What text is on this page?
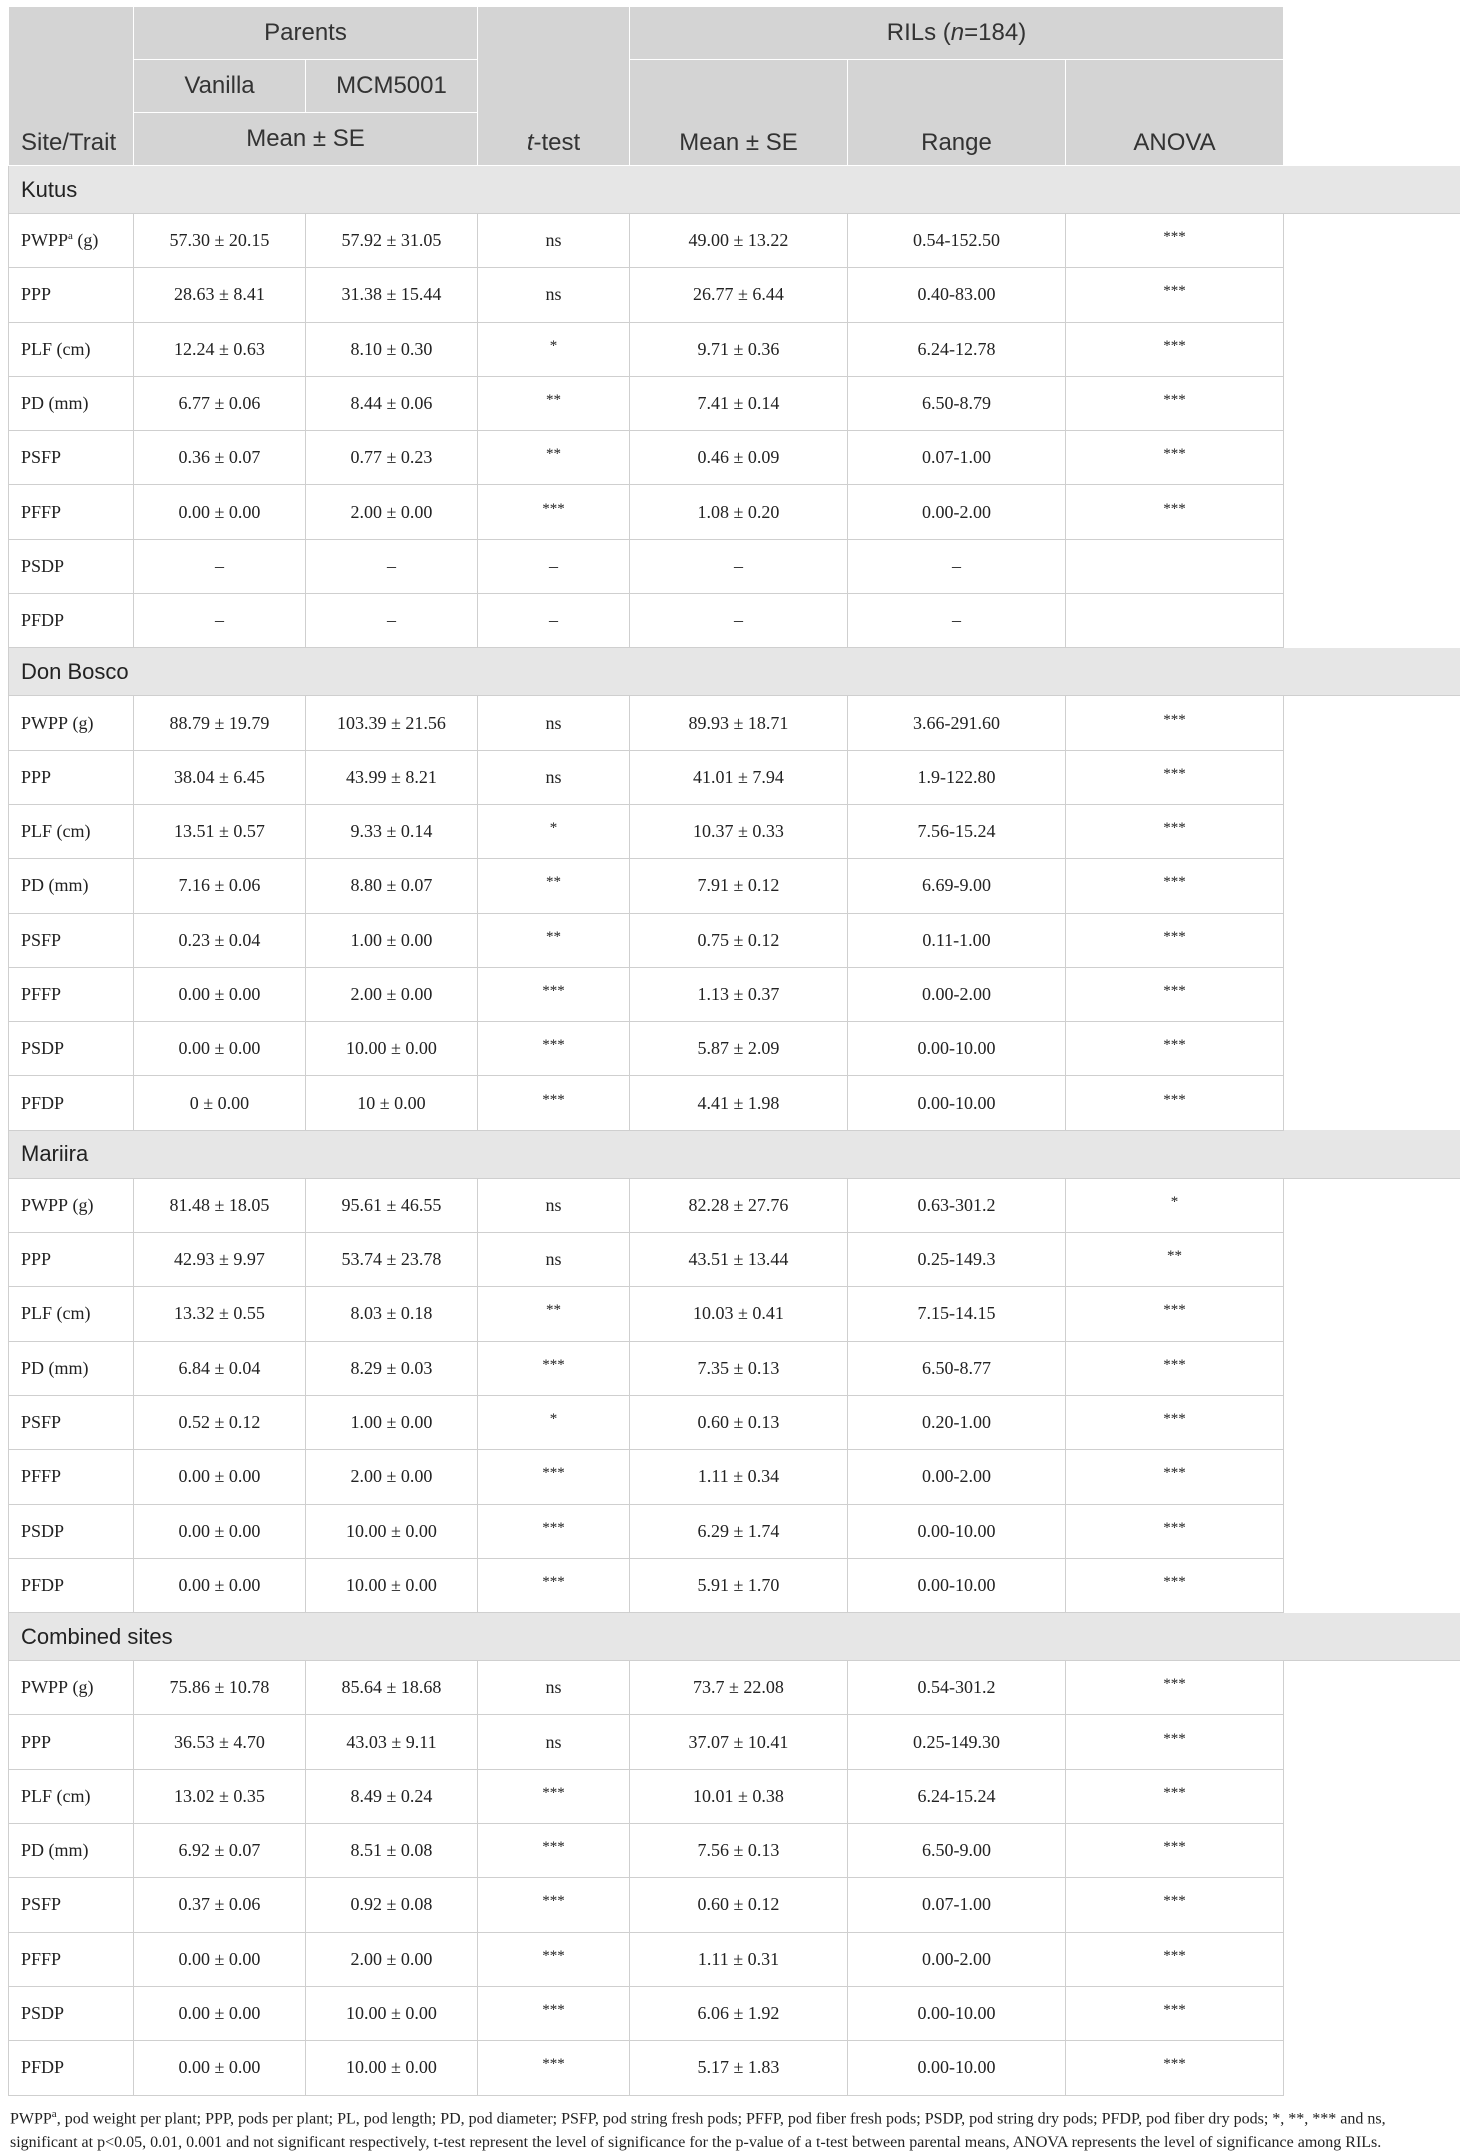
Site/Trait	Parents		t-test	RILs (n=184)		
	Vanilla	MCM5001		Mean ± SE	Range	ANOVA
	Mean ± SE					
Kutus						
PWPP$^a$ (g)	57.30 ± 20.15	57.92 ± 31.05	ns	49.00 ± 13.22	0.54-152.50	***
PPP	28.63 ± 8.41	31.38 ± 15.44	ns	26.77 ± 6.44	0.40-83.00	***
PLF (cm)	12.24 ± 0.63	8.10 ± 0.30	*	9.71 ± 0.36	6.24-12.78	***
PD (mm)	6.77 ± 0.06	8.44 ± 0.06	**	7.41 ± 0.14	6.50-8.79	***
PSFP	0.36 ± 0.07	0.77 ± 0.23	**	0.46 ± 0.09	0.07-1.00	***
PFFP	0.00 ± 0.00	2.00 ± 0.00	***	1.08 ± 0.20	0.00-2.00	***
PSDP	–	–	–	–	–	
PFDP	–	–	–	–	–	
Don Bosco						
PWPP (g)	88.79 ± 19.79	103.39 ± 21.56	ns	89.93 ± 18.71	3.66-291.60	***
PPP	38.04 ± 6.45	43.99 ± 8.21	ns	41.01 ± 7.94	1.9-122.80	***
PLF (cm)	13.51 ± 0.57	9.33 ± 0.14	*	10.37 ± 0.33	7.56-15.24	***
PD (mm)	7.16 ± 0.06	8.80 ± 0.07	**	7.91 ± 0.12	6.69-9.00	***
PSFP	0.23 ± 0.04	1.00 ± 0.00	**	0.75 ± 0.12	0.11-1.00	***
PFFP	0.00 ± 0.00	2.00 ± 0.00	***	1.13 ± 0.37	0.00-2.00	***
PSDP	0.00 ± 0.00	10.00 ± 0.00	***	5.87 ± 2.09	0.00-10.00	***
PFDP	0 ± 0.00	10 ± 0.00	***	4.41 ± 1.98	0.00-10.00	***
Mariira						
PWPP (g)	81.48 ± 18.05	95.61 ± 46.55	ns	82.28 ± 27.76	0.63-301.2	*
PPP	42.93 ± 9.97	53.74 ± 23.78	ns	43.51 ± 13.44	0.25-149.3	**
PLF (cm)	13.32 ± 0.55	8.03 ± 0.18	**	10.03 ± 0.41	7.15-14.15	***
PD (mm)	6.84 ± 0.04	8.29 ± 0.03	***	7.35 ± 0.13	6.50-8.77	***
PSFP	0.52 ± 0.12	1.00 ± 0.00	*	0.60 ± 0.13	0.20-1.00	***
PFFP	0.00 ± 0.00	2.00 ± 0.00	***	1.11 ± 0.34	0.00-2.00	***
PSDP	0.00 ± 0.00	10.00 ± 0.00	***	6.29 ± 1.74	0.00-10.00	***
PFDP	0.00 ± 0.00	10.00 ± 0.00	***	5.91 ± 1.70	0.00-10.00	***
Combined sites						
PWPP (g)	75.86 ± 10.78	85.64 ± 18.68	ns	73.7 ± 22.08	0.54-301.2	***
PPP	36.53 ± 4.70	43.03 ± 9.11	ns	37.07 ± 10.41	0.25-149.30	***
PLF (cm)	13.02 ± 0.35	8.49 ± 0.24	***	10.01 ± 0.38	6.24-15.24	***
PD (mm)	6.92 ± 0.07	8.51 ± 0.08	***	7.56 ± 0.13	6.50-9.00	***
PSFP	0.37 ± 0.06	0.92 ± 0.08	***	0.60 ± 0.12	0.07-1.00	***
PFFP	0.00 ± 0.00	2.00 ± 0.00	***	1.11 ± 0.31	0.00-2.00	***
PSDP	0.00 ± 0.00	10.00 ± 0.00	***	6.06 ± 1.92	0.00-10.00	***
PFDP	0.00 ± 0.00	10.00 ± 0.00	***	5.17 ± 1.83	0.00-10.00	***
PWPP$^a$, pod weight per plant; PPP, pods per plant; PL, pod length; PD, pod diameter; PSFP, pod string fresh pods; PFFP, pod fiber fresh pods; PSDP, pod string dry pods; PFDP, pod fiber dry pods; *, **, *** and ns, significant at p<0.05, 0.01, 0.001 and not significant respectively, t-test represent the level of significance for the p-value of a t-test between parental means, ANOVA represents the level of significance among RILs.
